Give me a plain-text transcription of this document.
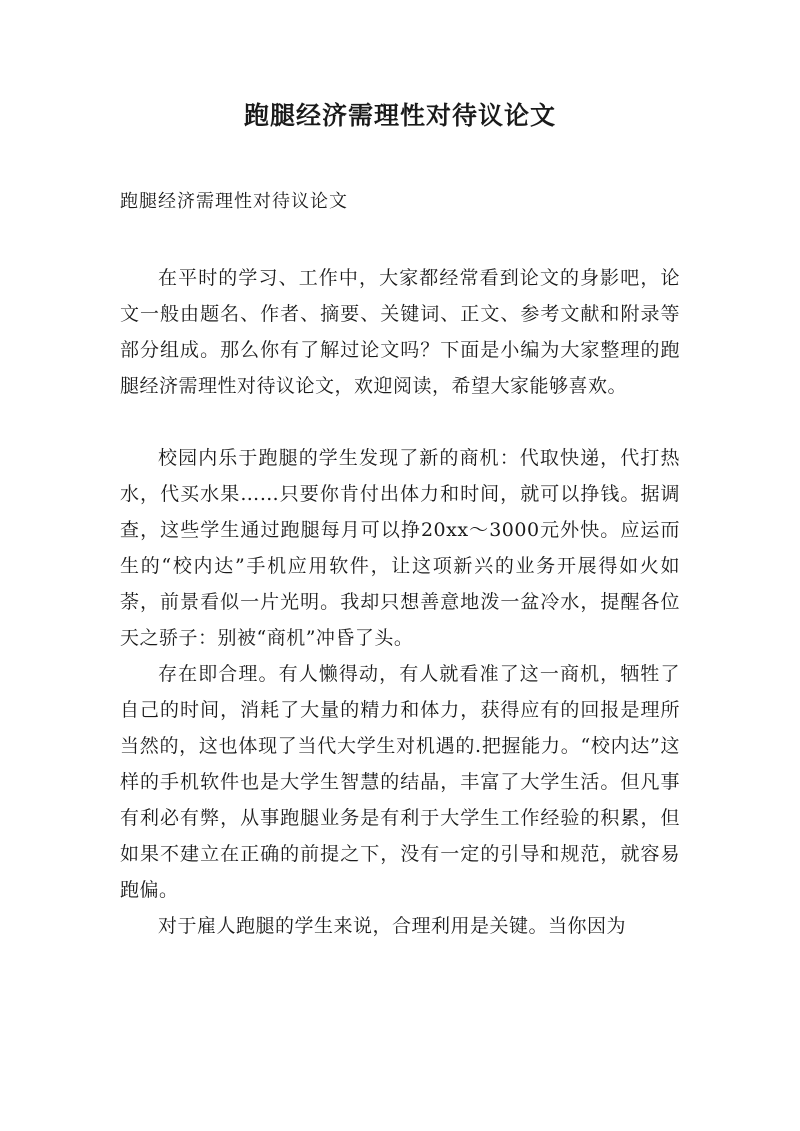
跑腿经济需理性对待议论文

跑腿经济需理性对待议论文

在平时的学习、工作中，大家都经常看到论文的身影吧，论文一般由题名、作者、摘要、关键词、正文、参考文献和附录等部分组成。那么你有了解过论文吗？下面是小编为大家整理的跑腿经济需理性对待议论文，欢迎阅读，希望大家能够喜欢。

校园内乐于跑腿的学生发现了新的商机：代取快递，代打热水，代买水果……只要你肯付出体力和时间，就可以挣钱。据调查，这些学生通过跑腿每月可以挣20xx～3000元外快。应运而生的“校内达”手机应用软件，让这项新兴的业务开展得如火如荼，前景看似一片光明。我却只想善意地泼一盆冷水，提醒各位天之骄子：别被“商机”冲昏了头。

存在即合理。有人懒得动，有人就看准了这一商机，牺牲了自己的时间，消耗了大量的精力和体力，获得应有的回报是理所当然的，这也体现了当代大学生对机遇的.把握能力。“校内达”这样的手机软件也是大学生智慧的结晶，丰富了大学生活。但凡事有利必有弊，从事跑腿业务是有利于大学生工作经验的积累，但如果不建立在正确的前提之下，没有一定的引导和规范，就容易跑偏。

对于雇人跑腿的学生来说，合理利用是关键。当你因为
